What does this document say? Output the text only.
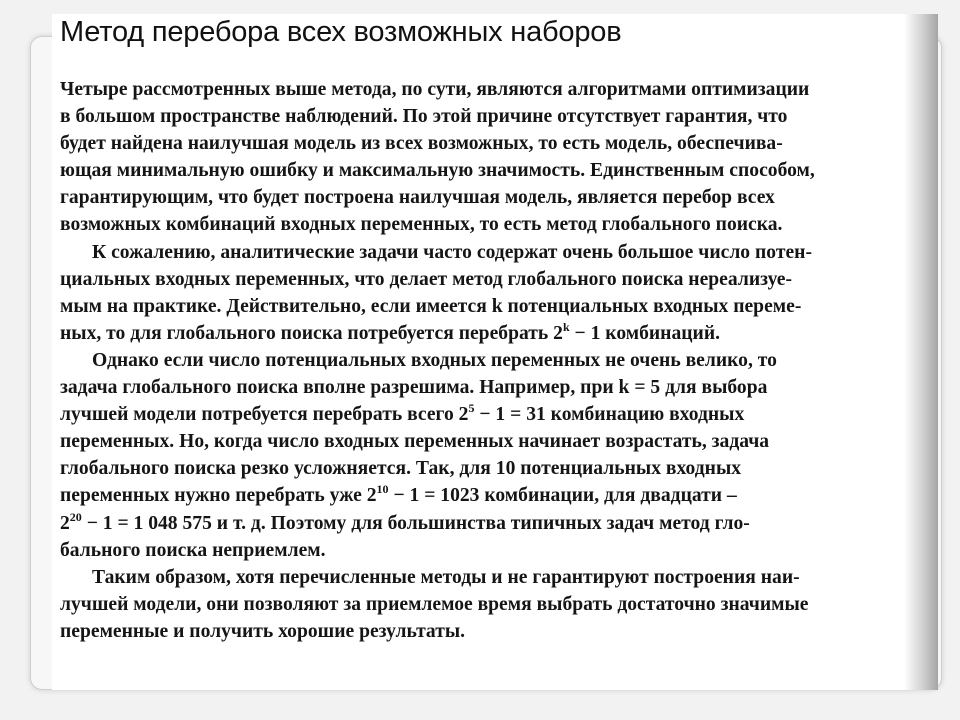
Метод перебора всех возможных наборов
Четыре рассмотренных выше метода, по сути, являются алгоритмами оптимизации
в большом пространстве наблюдений. По этой причине отсутствует гарантия, что
будет найдена наилучшая модель из всех возможных, то есть модель, обеспечива-
ющая минимальную ошибку и максимальную значимость. Единственным способом,
гарантирующим, что будет построена наилучшая модель, является перебор всех
возможных комбинаций входных переменных, то есть метод глобального поиска.
К сожалению, аналитические задачи часто содержат очень большое число потен-
циальных входных переменных, что делает метод глобального поиска нереализуе-
мым на практике. Действительно, если имеется k потенциальных входных переме-
ных, то для глобального поиска потребуется перебрать $2^k - 1$ комбинаций.
Однако если число потенциальных входных переменных не очень велико, то
задача глобального поиска вполне разрешима. Например, при k = 5 для выбора
лучшей модели потребуется перебрать всего $2^5 - 1 = 31$ комбинацию входных
переменных. Но, когда число входных переменных начинает возрастать, задача
глобального поиска резко усложняется. Так, для 10 потенциальных входных
переменных нужно перебрать уже $2^{10} - 1 = 1023$ комбинации, для двадцати –
$2^{20} - 1 = 1$ 048 575 и т. д. Поэтому для большинства типичных задач метод гло-
бального поиска неприемлем.
Таким образом, хотя перечисленные методы и не гарантируют построения наи-
лучшей модели, они позволяют за приемлемое время выбрать достаточно значимые
переменные и получить хорошие результаты.
